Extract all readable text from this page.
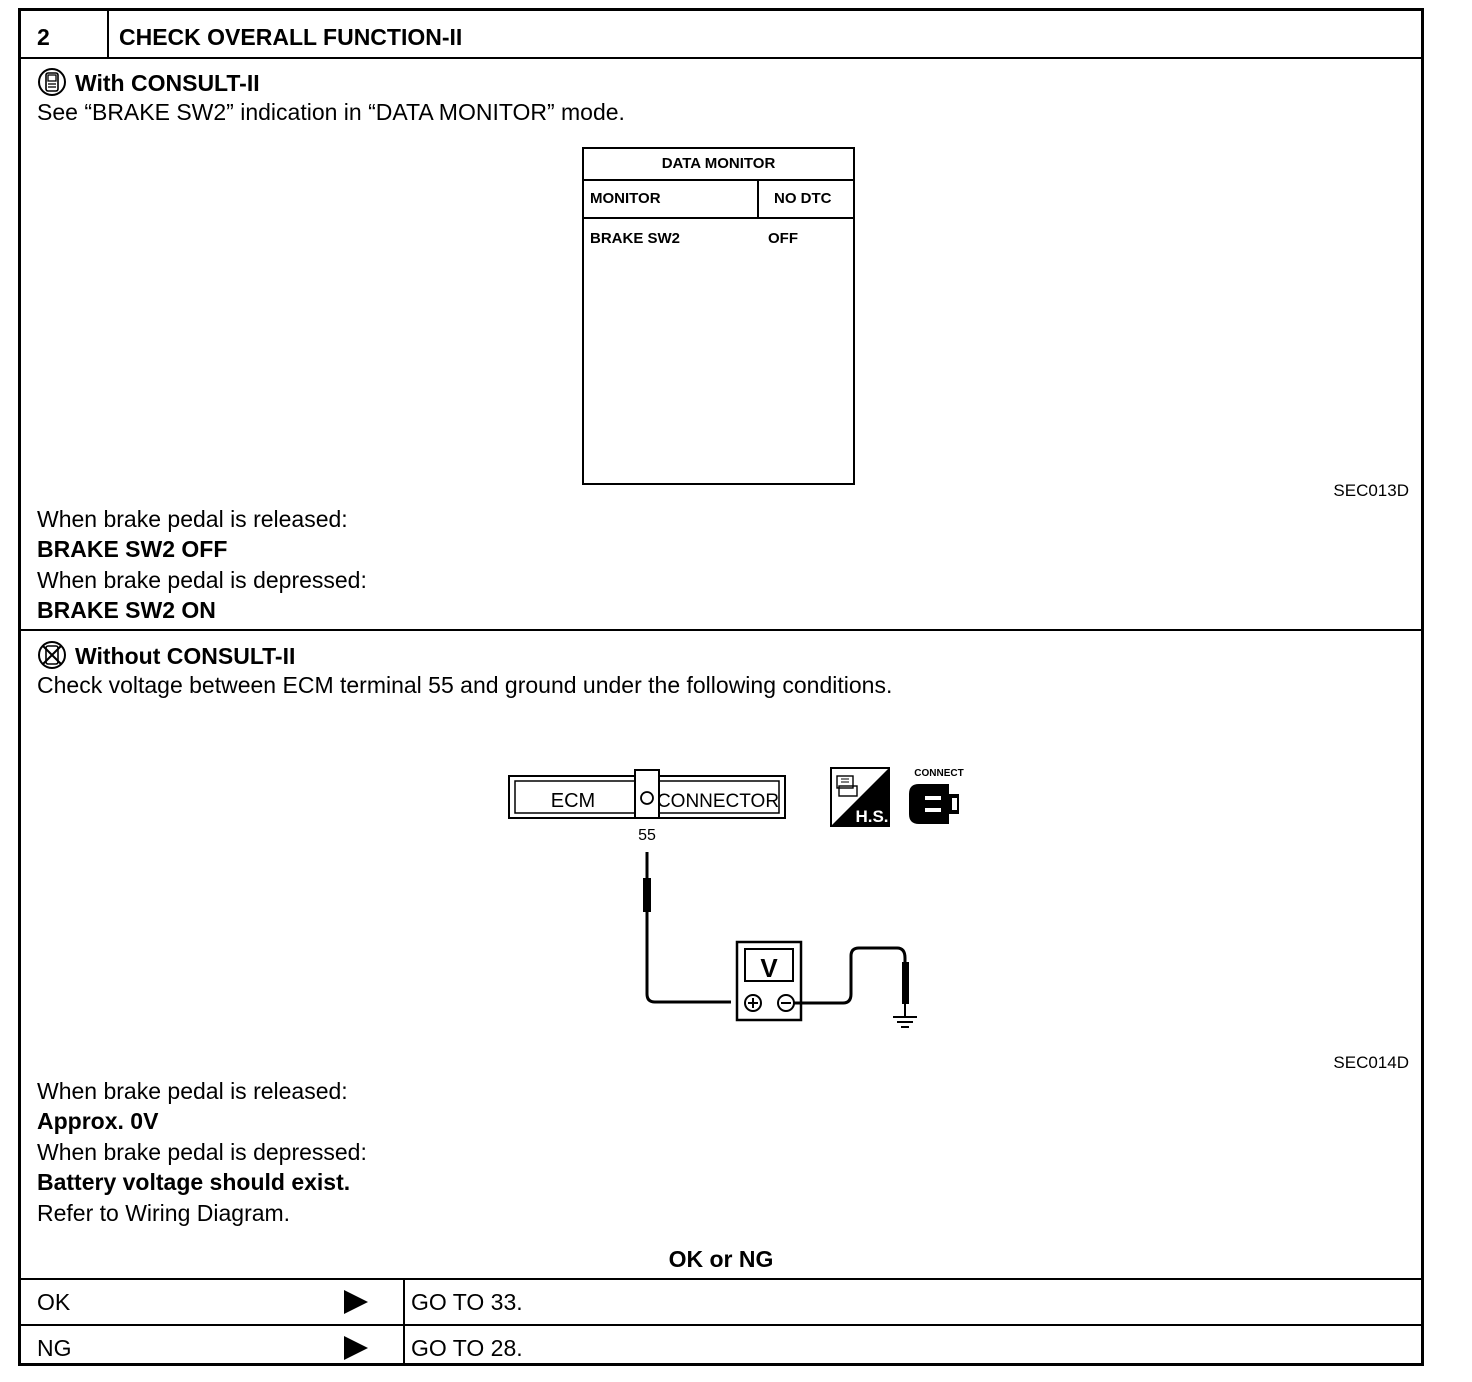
2	CHECK OVERALL FUNCTION-II
With CONSULT-II
See “BRAKE SW2” indication in “DATA MONITOR” mode.
DATA MONITOR
MONITOR	NO DTC
BRAKE SW2	OFF
SEC013D
When brake pedal is released:
BRAKE SW2 OFF
When brake pedal is depressed:
BRAKE SW2 ON
Without CONSULT-II
Check voltage between ECM terminal 55 and ground under the following conditions.
ECM	CONNECTOR
55
V
H.S.
CONNECT
SEC014D
When brake pedal is released:
Approx. 0V
When brake pedal is depressed:
Battery voltage should exist.
Refer to Wiring Diagram.
OK or NG
OK	GO TO 33.
NG	GO TO 28.
